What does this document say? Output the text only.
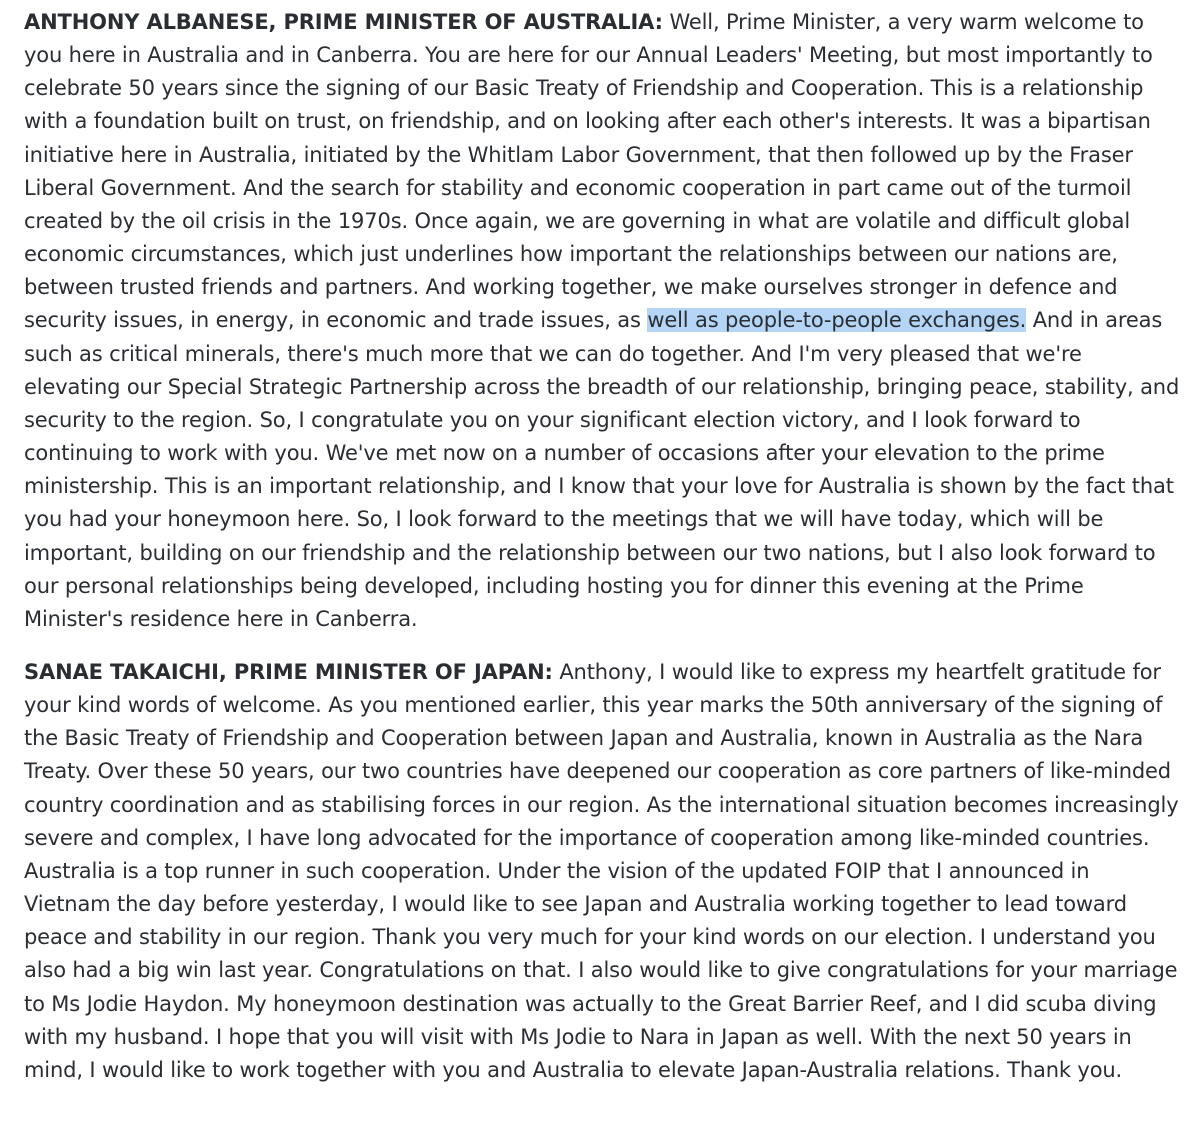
ANTHONY ALBANESE, PRIME MINISTER OF AUSTRALIA: Well, Prime Minister, a very warm welcome to you here in Australia and in Canberra. You are here for our Annual Leaders' Meeting, but most importantly to celebrate 50 years since the signing of our Basic Treaty of Friendship and Cooperation. This is a relationship with a foundation built on trust, on friendship, and on looking after each other's interests. It was a bipartisan initiative here in Australia, initiated by the Whitlam Labor Government, that then followed up by the Fraser Liberal Government. And the search for stability and economic cooperation in part came out of the turmoil created by the oil crisis in the 1970s. Once again, we are governing in what are volatile and difficult global economic circumstances, which just underlines how important the relationships between our nations are, between trusted friends and partners. And working together, we make ourselves stronger in defence and security issues, in energy, in economic and trade issues, as well as people-to-people exchanges. And in areas such as critical minerals, there's much more that we can do together. And I'm very pleased that we're elevating our Special Strategic Partnership across the breadth of our relationship, bringing peace, stability, and security to the region. So, I congratulate you on your significant election victory, and I look forward to continuing to work with you. We've met now on a number of occasions after your elevation to the prime ministership. This is an important relationship, and I know that your love for Australia is shown by the fact that you had your honeymoon here. So, I look forward to the meetings that we will have today, which will be important, building on our friendship and the relationship between our two nations, but I also look forward to our personal relationships being developed, including hosting you for dinner this evening at the Prime Minister's residence here in Canberra.

SANAE TAKAICHI, PRIME MINISTER OF JAPAN: Anthony, I would like to express my heartfelt gratitude for your kind words of welcome. As you mentioned earlier, this year marks the 50th anniversary of the signing of the Basic Treaty of Friendship and Cooperation between Japan and Australia, known in Australia as the Nara Treaty. Over these 50 years, our two countries have deepened our cooperation as core partners of like-minded country coordination and as stabilising forces in our region. As the international situation becomes increasingly severe and complex, I have long advocated for the importance of cooperation among like-minded countries. Australia is a top runner in such cooperation. Under the vision of the updated FOIP that I announced in Vietnam the day before yesterday, I would like to see Japan and Australia working together to lead toward peace and stability in our region. Thank you very much for your kind words on our election. I understand you also had a big win last year. Congratulations on that. I also would like to give congratulations for your marriage to Ms Jodie Haydon. My honeymoon destination was actually to the Great Barrier Reef, and I did scuba diving with my husband. I hope that you will visit with Ms Jodie to Nara in Japan as well. With the next 50 years in mind, I would like to work together with you and Australia to elevate Japan-Australia relations. Thank you.
